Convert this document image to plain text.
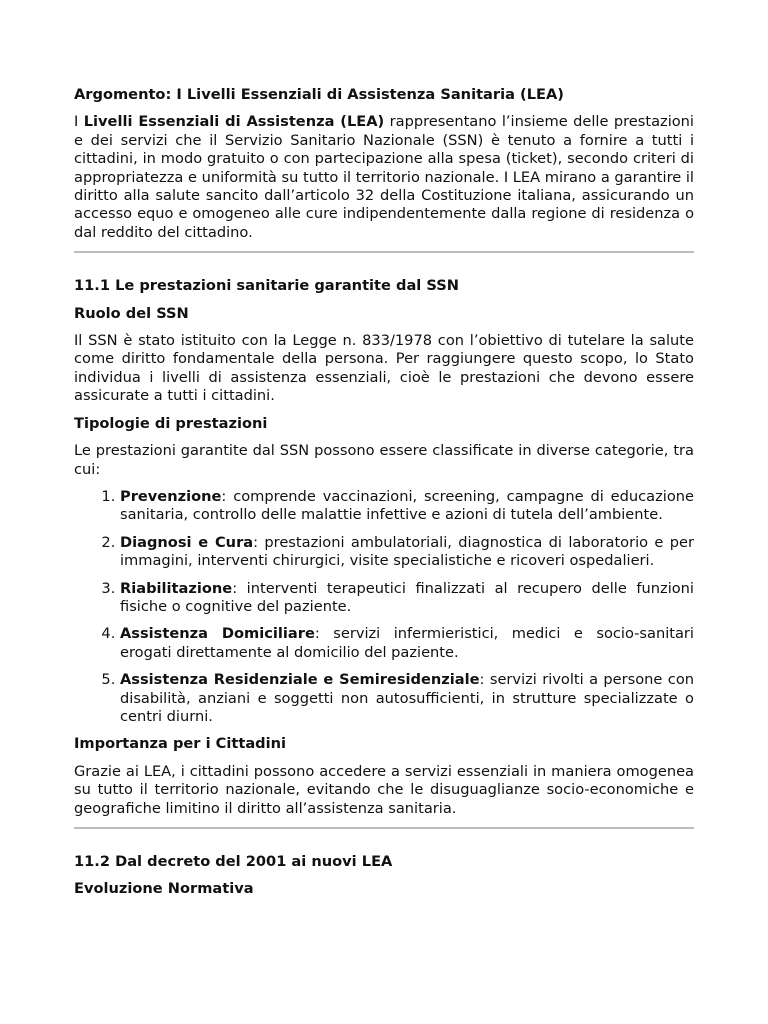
Argomento: I Livelli Essenziali di Assistenza Sanitaria (LEA)

I Livelli Essenziali di Assistenza (LEA) rappresentano l’insieme delle prestazioni e dei servizi che il Servizio Sanitario Nazionale (SSN) è tenuto a fornire a tutti i cittadini, in modo gratuito o con partecipazione alla spesa (ticket), secondo criteri di appropriatezza e uniformità su tutto il territorio nazionale. I LEA mirano a garantire il diritto alla salute sancito dall’articolo 32 della Costituzione italiana, assicurando un accesso equo e omogeneo alle cure indipendentemente dalla regione di residenza o dal reddito del cittadino.

11.1 Le prestazioni sanitarie garantite dal SSN

Ruolo del SSN

Il SSN è stato istituito con la Legge n. 833/1978 con l’obiettivo di tutelare la salute come diritto fondamentale della persona. Per raggiungere questo scopo, lo Stato individua i livelli di assistenza essenziali, cioè le prestazioni che devono essere assicurate a tutti i cittadini.

Tipologie di prestazioni

Le prestazioni garantite dal SSN possono essere classificate in diverse categorie, tra cui:

1. Prevenzione: comprende vaccinazioni, screening, campagne di educazione sanitaria, controllo delle malattie infettive e azioni di tutela dell’ambiente.
2. Diagnosi e Cura: prestazioni ambulatoriali, diagnostica di laboratorio e per immagini, interventi chirurgici, visite specialistiche e ricoveri ospedalieri.
3. Riabilitazione: interventi terapeutici finalizzati al recupero delle funzioni fisiche o cognitive del paziente.
4. Assistenza Domiciliare: servizi infermieristici, medici e socio-sanitari erogati direttamente al domicilio del paziente.
5. Assistenza Residenziale e Semiresidenziale: servizi rivolti a persone con disabilità, anziani e soggetti non autosufficienti, in strutture specializzate o centri diurni.

Importanza per i Cittadini

Grazie ai LEA, i cittadini possono accedere a servizi essenziali in maniera omogenea su tutto il territorio nazionale, evitando che le disuguaglianze socio-economiche e geografiche limitino il diritto all’assistenza sanitaria.

11.2 Dal decreto del 2001 ai nuovi LEA

Evoluzione Normativa
